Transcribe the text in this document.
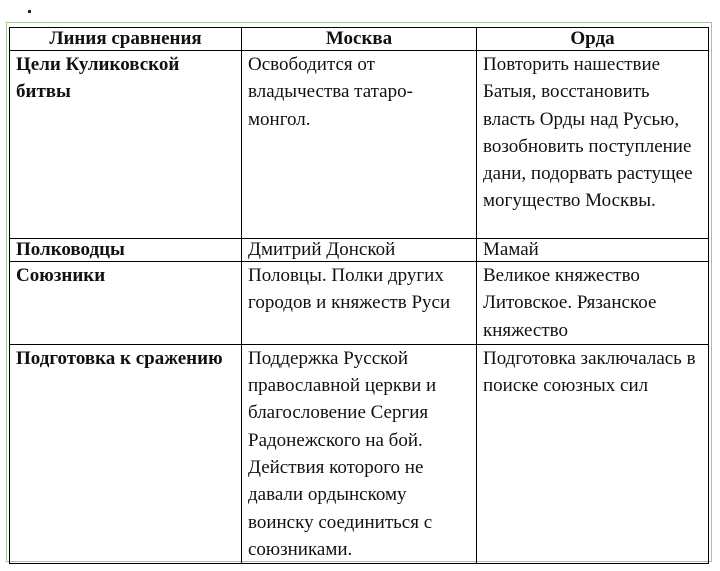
Линия сравнения	Москва	Орда
Цели Куликовской битвы	Освободится от владычества татаро-монгол.	Повторить нашествие Батыя, восстановить власть Орды над Русью, возобновить поступление дани, подорвать растущее могущество Москвы.
Полководцы	Дмитрий Донской	Мамай
Союзники	Половцы. Полки других городов и княжеств Руси	Великое княжество Литовское. Рязанское княжество
Подготовка к сражению	Поддержка Русской православной церкви и благословение Сергия Радонежского на бой. Действия которого не давали ордынскому воинску соединиться с союзниками.	Подготовка заключалась в поиске союзных сил
